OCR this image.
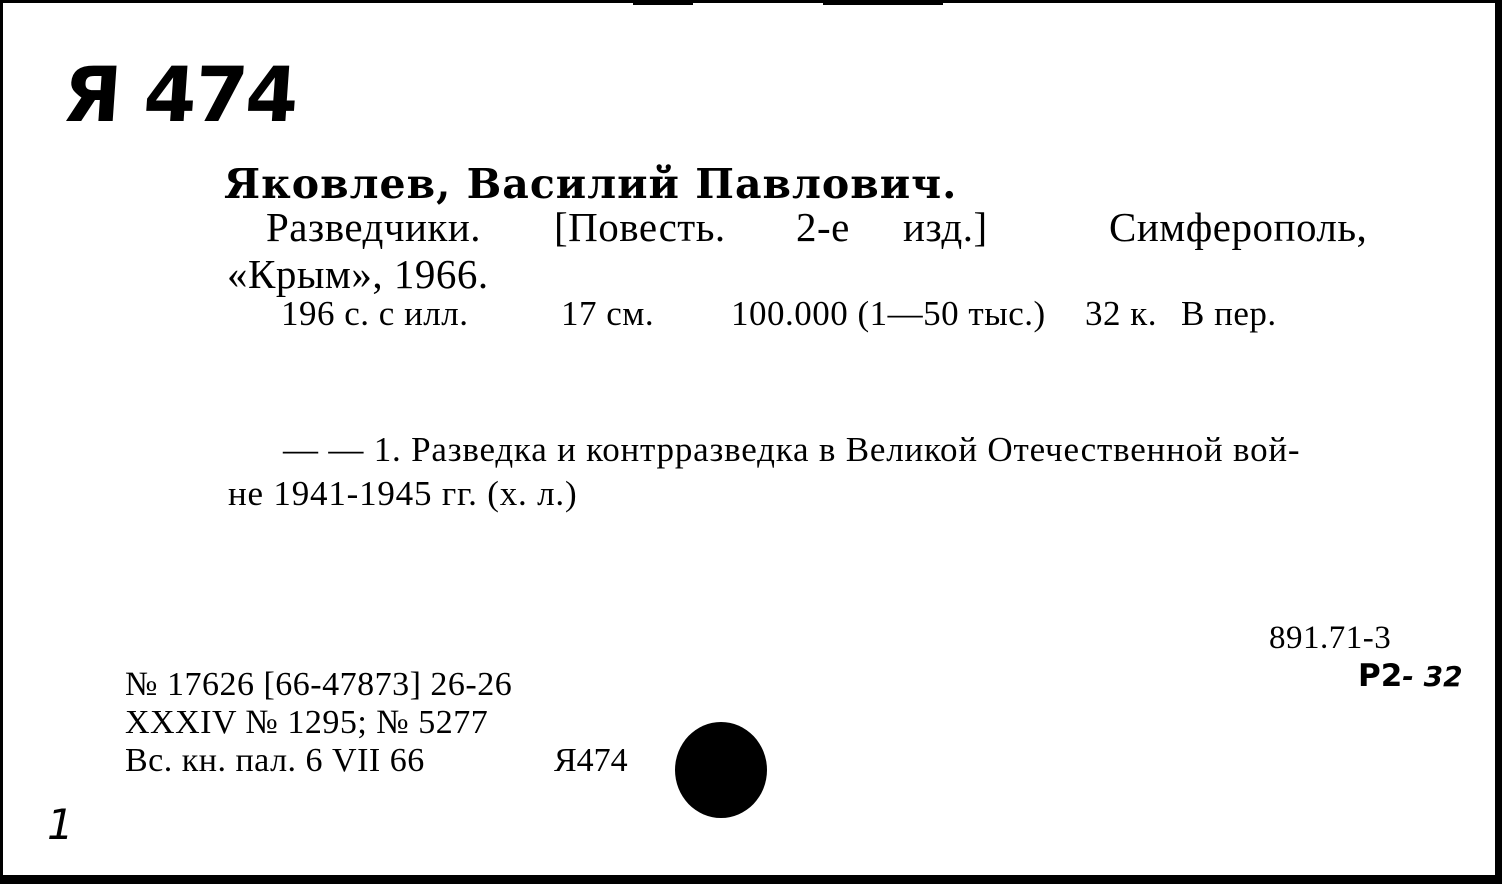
Я 474
Яковлев, Василий Павлович.
Разведчики. [Повесть. 2-е изд.]	Симферополь,
«Крым», 1966.
196 с. с илл.	17 см. 100.000 (1—50 тыс.) 32 к. В пер.
— — 1. Разведка и контрразведка в Великой Отечественной вой-
не 1941-1945 гг. (х. л.)
891.71-3
Р2- 32
№ 17626 [66-47873] 26-26
XXXIV № 1295; № 5277
Вс. кн. пал. 6 VII 66	Я474
1
